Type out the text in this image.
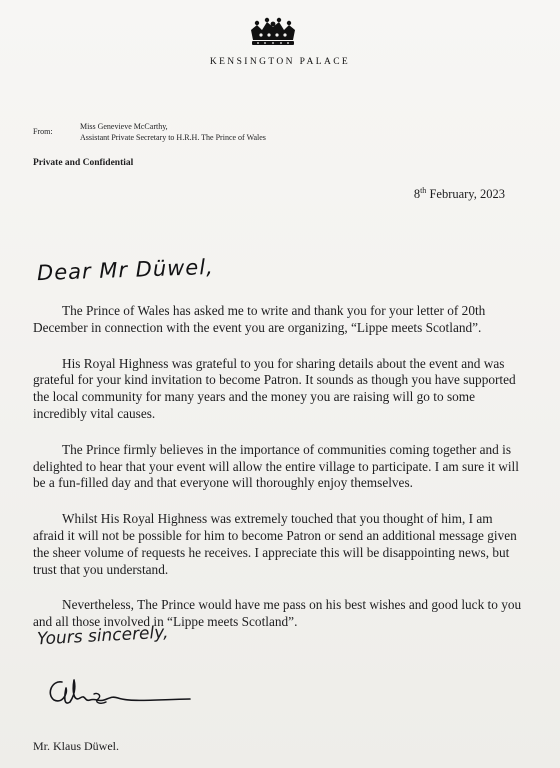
KENSINGTON PALACE
From:
Miss Genevieve McCarthy,
Assistant Private Secretary to H.R.H. The Prince of Wales
Private and Confidential
8th February, 2023
Dear Mr Düwel,

The Prince of Wales has asked me to write and thank you for your letter of 20th December in connection with the event you are organizing, “Lippe meets Scotland”.

His Royal Highness was grateful to you for sharing details about the event and was grateful for your kind invitation to become Patron. It sounds as though you have supported the local community for many years and the money you are raising will go to some incredibly vital causes.

The Prince firmly believes in the importance of communities coming together and is delighted to hear that your event will allow the entire village to participate. I am sure it will be a fun-filled day and that everyone will thoroughly enjoy themselves.

Whilst His Royal Highness was extremely touched that you thought of him, I am afraid it will not be possible for him to become Patron or send an additional message given the sheer volume of requests he receives. I appreciate this will be disappointing news, but trust that you understand.

Nevertheless, The Prince would have me pass on his best wishes and good luck to you and all those involved in “Lippe meets Scotland”.

Yours sincerely,
Mr. Klaus Düwel.
